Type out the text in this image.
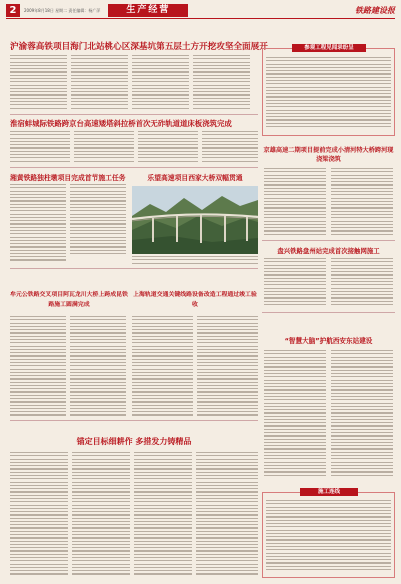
2	2009年8月18日 星期二 责任编辑：杨广萍	生产经营	铁路建设报
沪渝蓉高铁项目海门北站桃心区深基坑第五层土方开挖攻坚全面展开	参观工程见闻录纷呈
淮宿蚌城际铁路跨京台高速矮塔斜拉桥首次无砟轨道道床板浇筑完成
京雄高速二期项目提前完成小清河特大桥跨河现浇梁浇筑
湘黄铁路独柱墩项目完成首节施工任务	乐望高速项目西家大桥双幅贯通
盘兴铁路盘州站完成首次接触网施工
牟元公铁路交叉项目阿瓦龙川大桥上跨成昆铁路施工圆满完成
上海轨道交通关键线路设备改造工程通过竣工验收
“智慧大脑”护航西安东站建设
锚定目标细耕作 多措发力铸精品
施工连线
